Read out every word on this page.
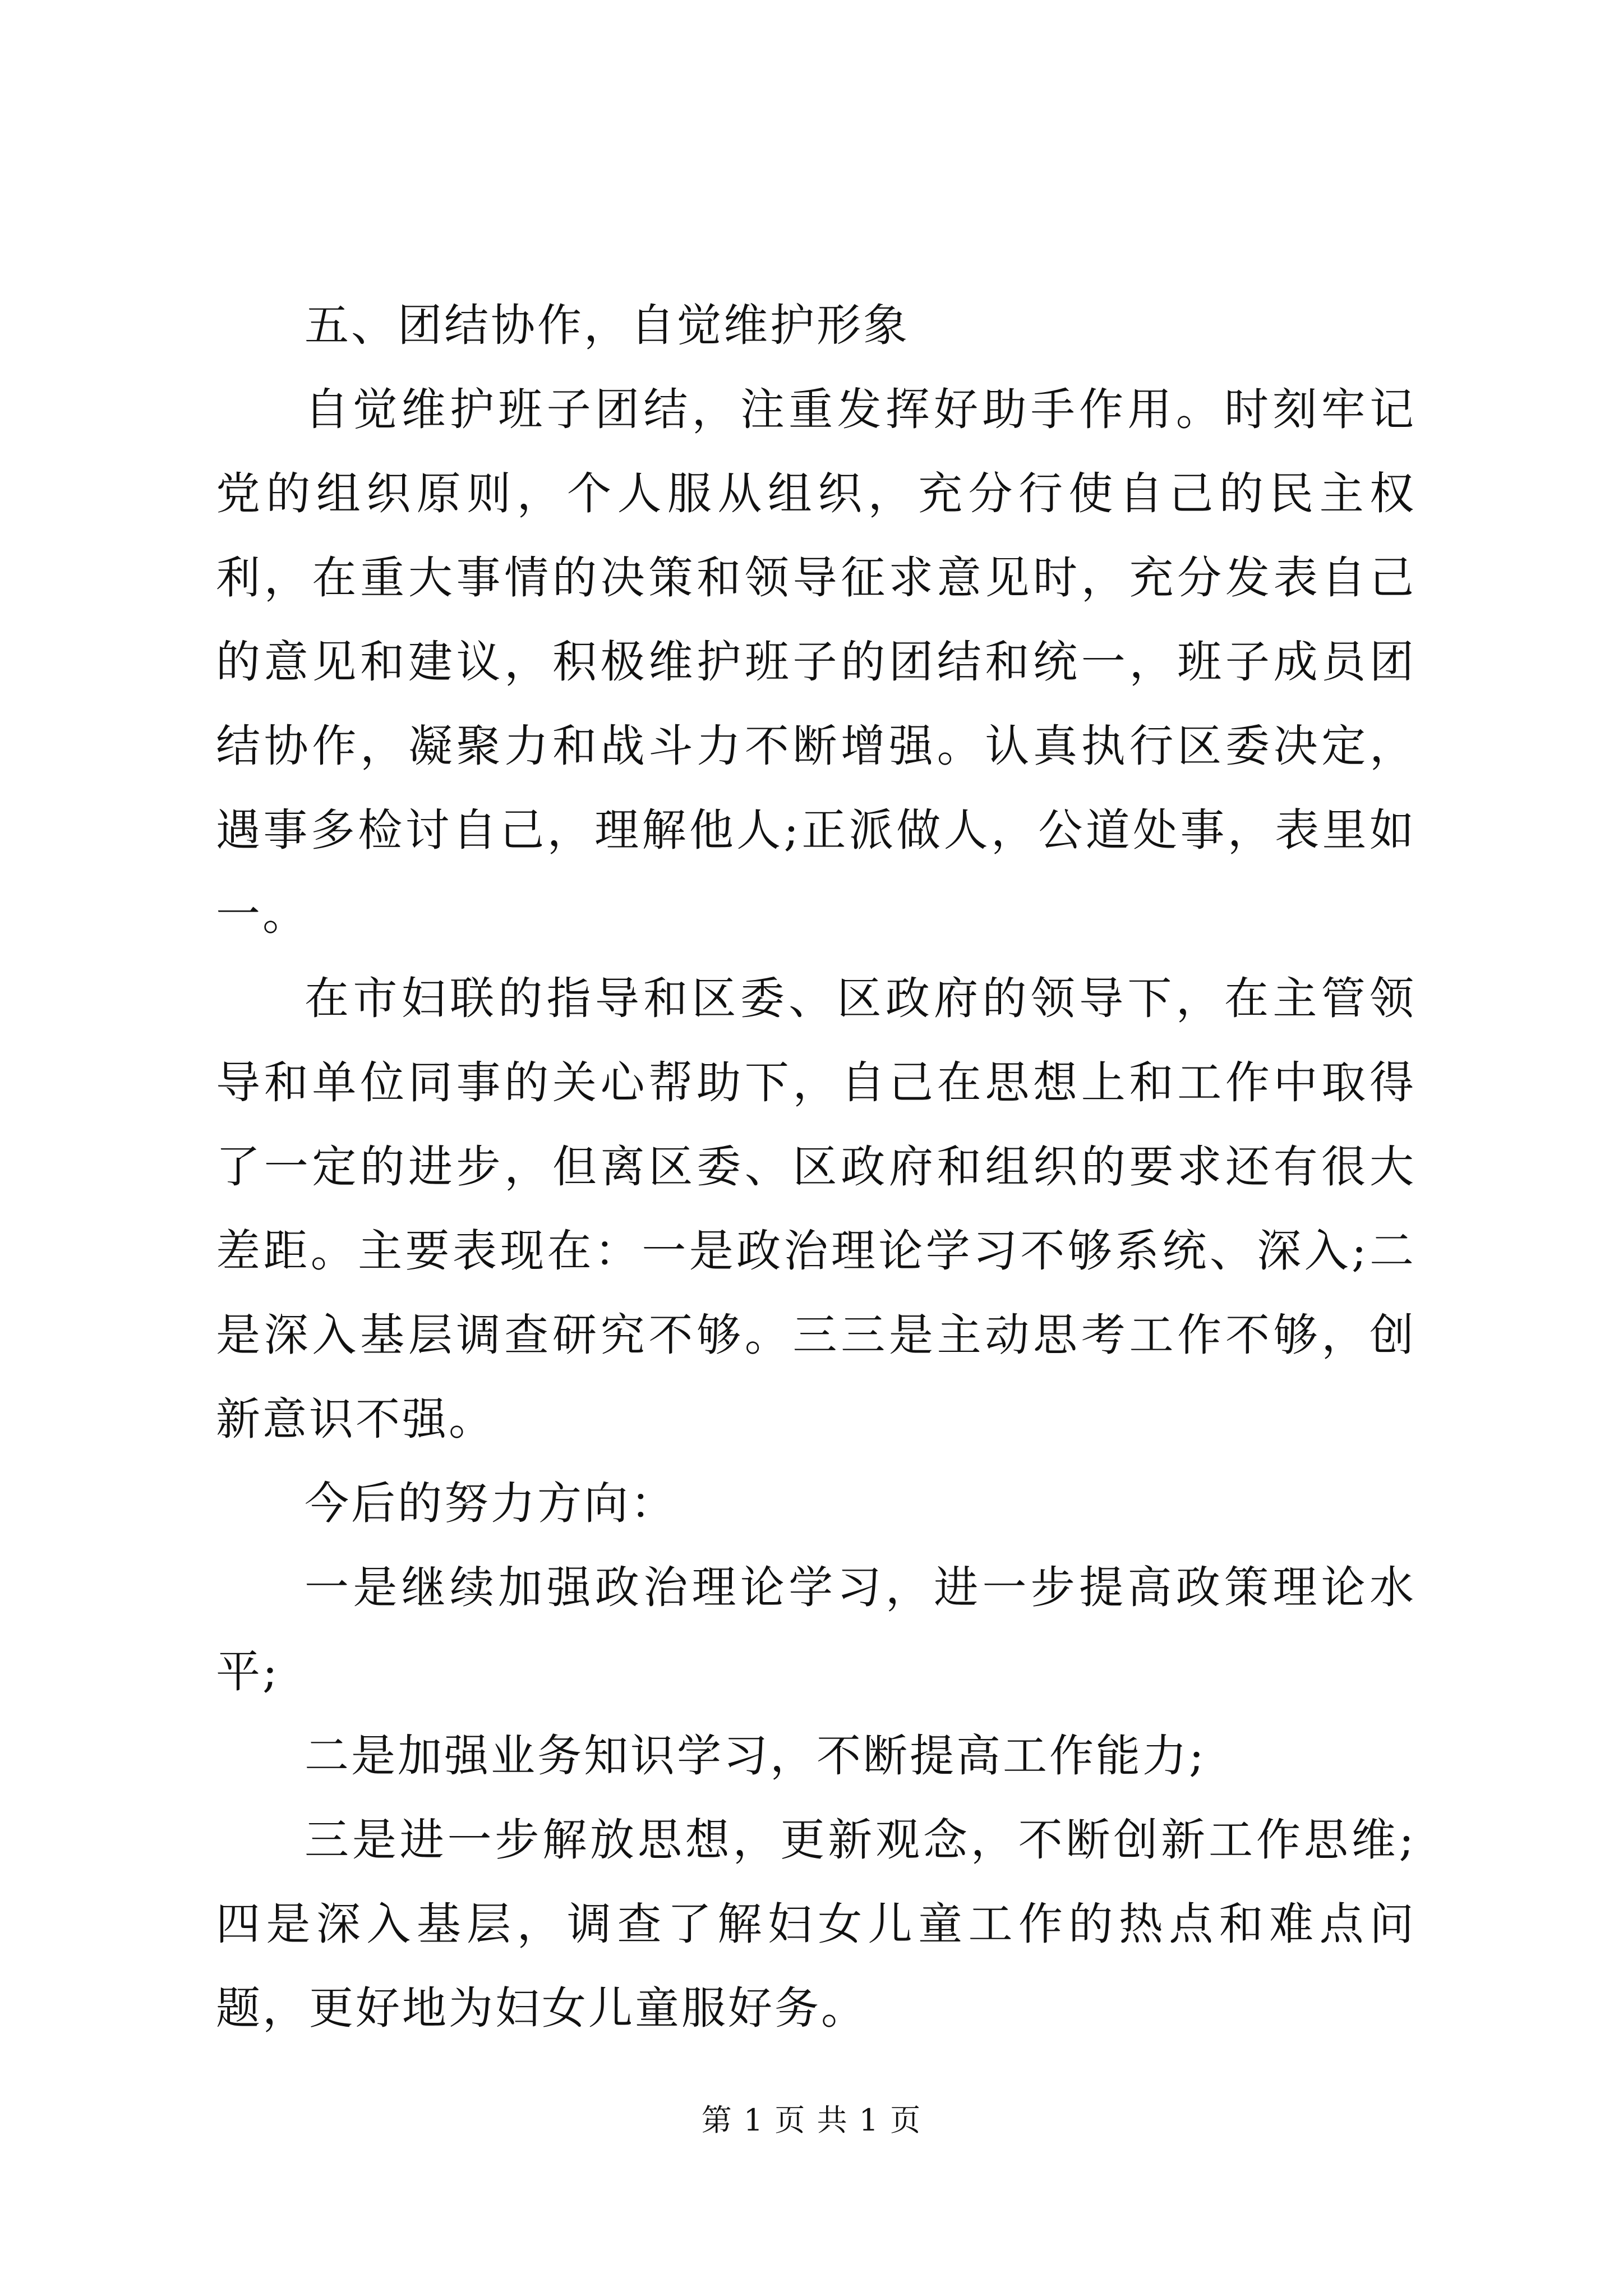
五、团结协作，自觉维护形象

自觉维护班子团结，注重发挥好助手作用。时刻牢记党的组织原则，个人服从组织，充分行使自己的民主权利，在重大事情的决策和领导征求意见时，充分发表自己的意见和建议，积极维护班子的团结和统一，班子成员团结协作，凝聚力和战斗力不断增强。认真执行区委决定，遇事多检讨自己，理解他人;正派做人，公道处事，表里如一。

在市妇联的指导和区委、区政府的领导下，在主管领导和单位同事的关心帮助下，自己在思想上和工作中取得了一定的进步，但离区委、区政府和组织的要求还有很大差距。主要表现在：一是政治理论学习不够系统、深入;二是深入基层调查研究不够。三三是主动思考工作不够，创新意识不强。

今后的努力方向：

一是继续加强政治理论学习，进一步提高政策理论水平;

二是加强业务知识学习，不断提高工作能力;

三是进一步解放思想，更新观念，不断创新工作思维;四是深入基层，调查了解妇女儿童工作的热点和难点问题，更好地为妇女儿童服好务。

第 1 页 共 1 页
